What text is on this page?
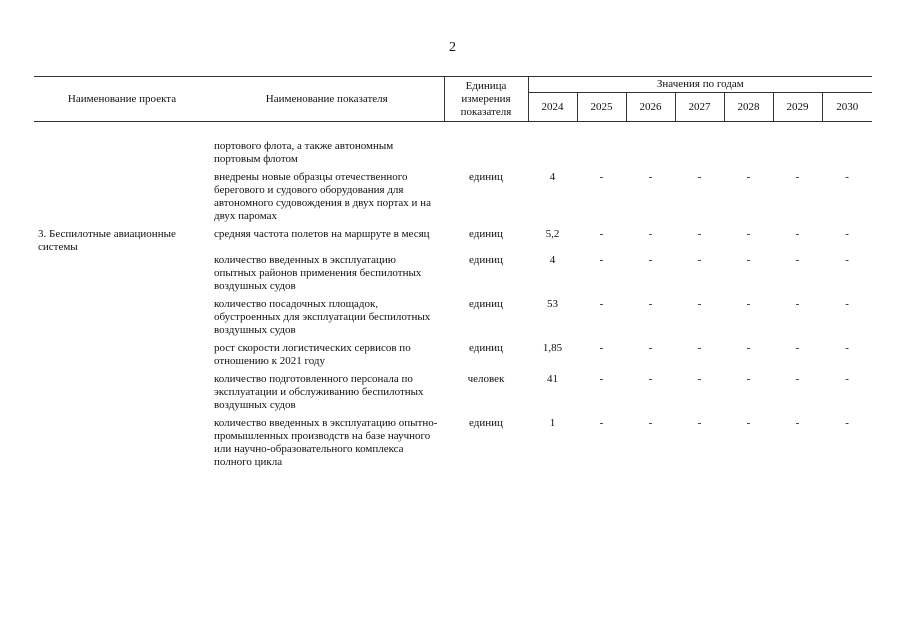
2
Наименование проекта	Наименование показателя	Единица измерения показателя	Значения по годам						
			2024	2025	2026	2027	2028	2029	2030
	портового флота, а также автономным портовым флотом								
	внедрены новые образцы отечественного берегового и судового оборудования для автономного судовождения в двух портах и на двух паромах	единиц	4	-	-	-	-	-	-
3. Беспилотные авиационные системы	средняя частота полетов на маршруте в месяц	единиц	5,2	-	-	-	-	-	-
	количество введенных в эксплуатацию опытных районов применения беспилотных воздушных судов	единиц	4	-	-	-	-	-	-
	количество посадочных площадок, обустроенных для эксплуатации беспилотных воздушных судов	единиц	53	-	-	-	-	-	-
	рост скорости логистических сервисов по отношению к 2021 году	единиц	1,85	-	-	-	-	-	-
	количество подготовленного персонала по эксплуатации и обслуживанию беспилотных воздушных судов	человек	41	-	-	-	-	-	-
	количество введенных в эксплуатацию опытно-промышленных производств на базе научного или научно-образовательного комплекса полного цикла	единиц	1	-	-	-	-	-	-
